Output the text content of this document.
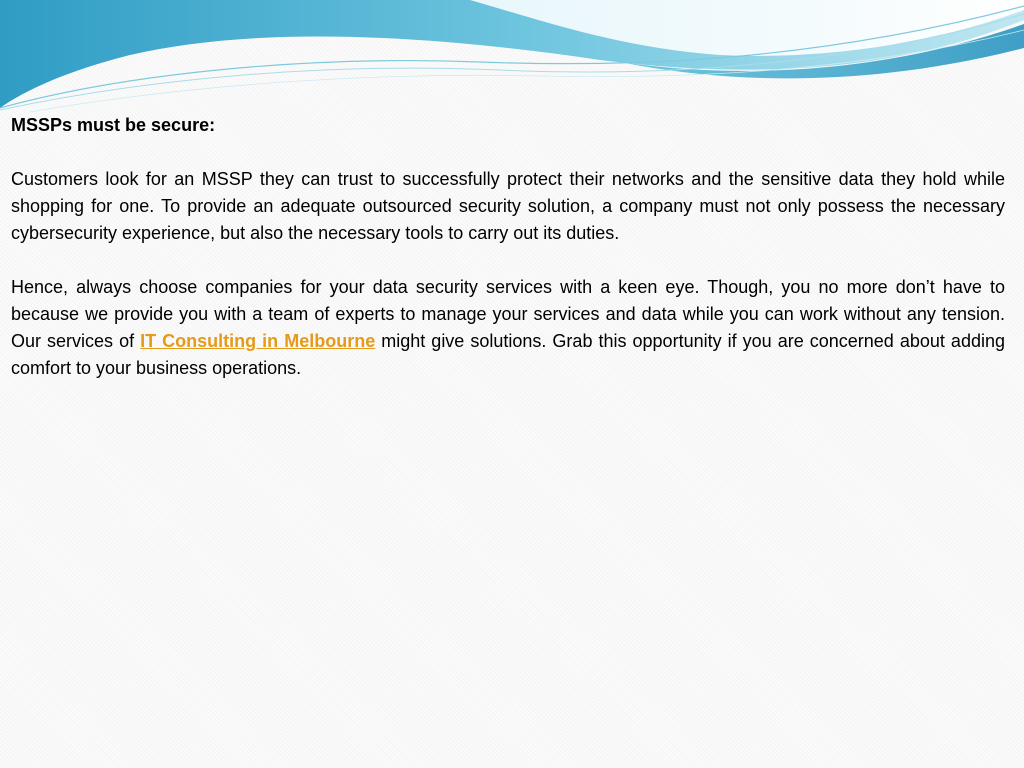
MSSPs must be secure:

Customers look for an MSSP they can trust to successfully protect their networks and the sensitive data they hold while shopping for one. To provide an adequate outsourced security solution, a company must not only possess the necessary cybersecurity experience, but also the necessary tools to carry out its duties.

Hence, always choose companies for your data security services with a keen eye. Though, you no more don’t have to because we provide you with a team of experts to manage your services and data while you can work without any tension. Our services of IT Consulting in Melbourne might give solutions. Grab this opportunity if you are concerned about adding comfort to your business operations.
